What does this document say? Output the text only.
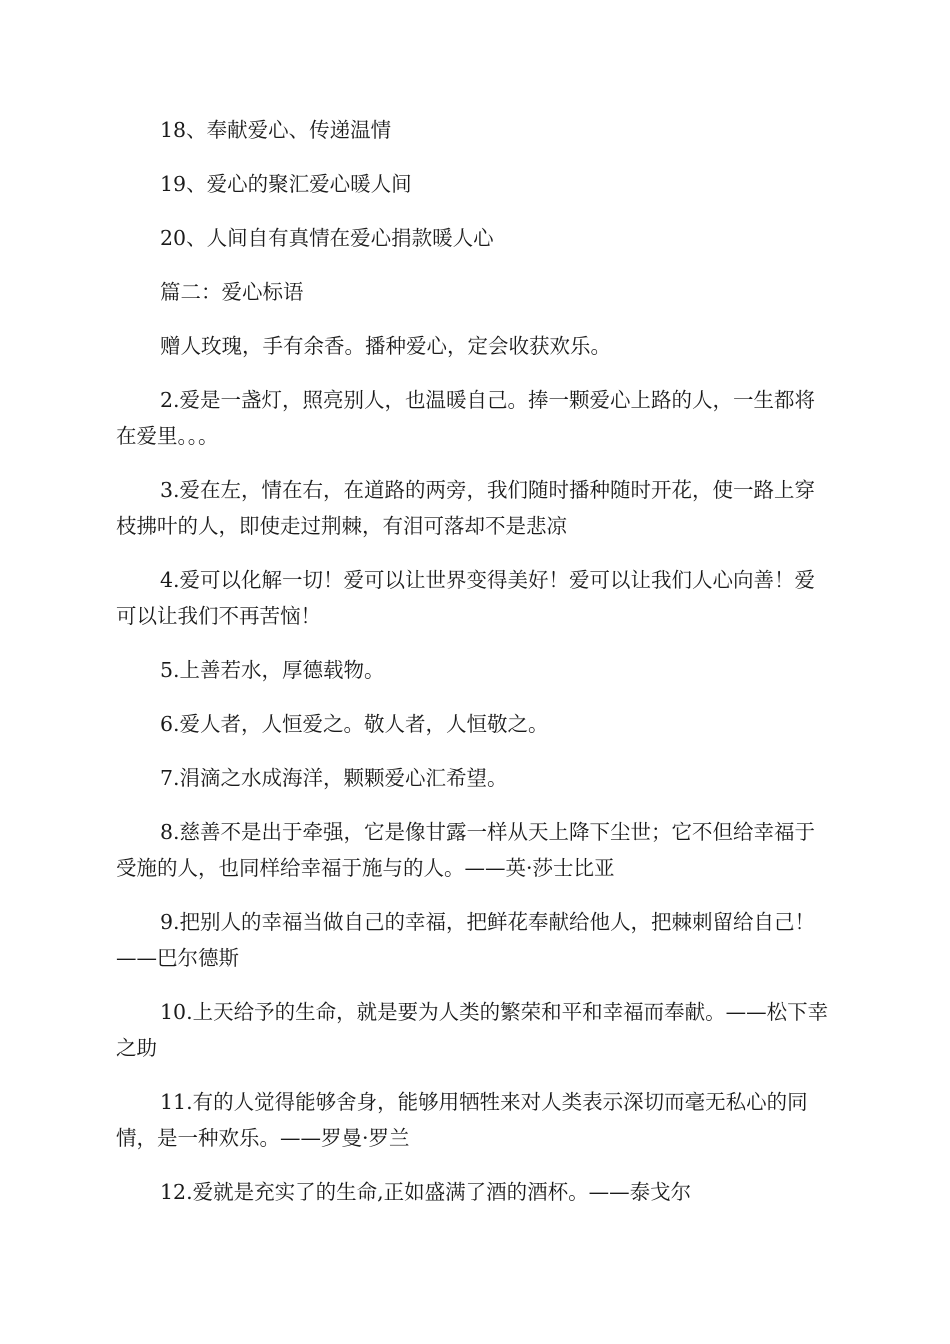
18、奉献爱心、传递温情

19、爱心的聚汇爱心暖人间

20、人间自有真情在爱心捐款暖人心

篇二：爱心标语

赠人玫瑰，手有余香。播种爱心，定会收获欢乐。

2.爱是一盏灯，照亮别人，也温暖自己。捧一颗爱心上路的人，一生都将在爱里。。。

3.爱在左，情在右，在道路的两旁，我们随时播种随时开花，使一路上穿枝拂叶的人，即使走过荆棘，有泪可落却不是悲凉

4.爱可以化解一切！爱可以让世界变得美好！爱可以让我们人心向善！爱可以让我们不再苦恼！

5.上善若水，厚德载物。

6.爱人者，人恒爱之。敬人者，人恒敬之。

7.涓滴之水成海洋，颗颗爱心汇希望。

8.慈善不是出于牵强，它是像甘露一样从天上降下尘世；它不但给幸福于受施的人，也同样给幸福于施与的人。——英·莎士比亚

9.把别人的幸福当做自己的幸福，把鲜花奉献给他人，把棘刺留给自己！——巴尔德斯

10.上天给予的生命，就是要为人类的繁荣和平和幸福而奉献。——松下幸之助

11.有的人觉得能够舍身，能够用牺牲来对人类表示深切而毫无私心的同情，是一种欢乐。——罗曼·罗兰

12.爱就是充实了的生命,正如盛满了酒的酒杯。——泰戈尔
